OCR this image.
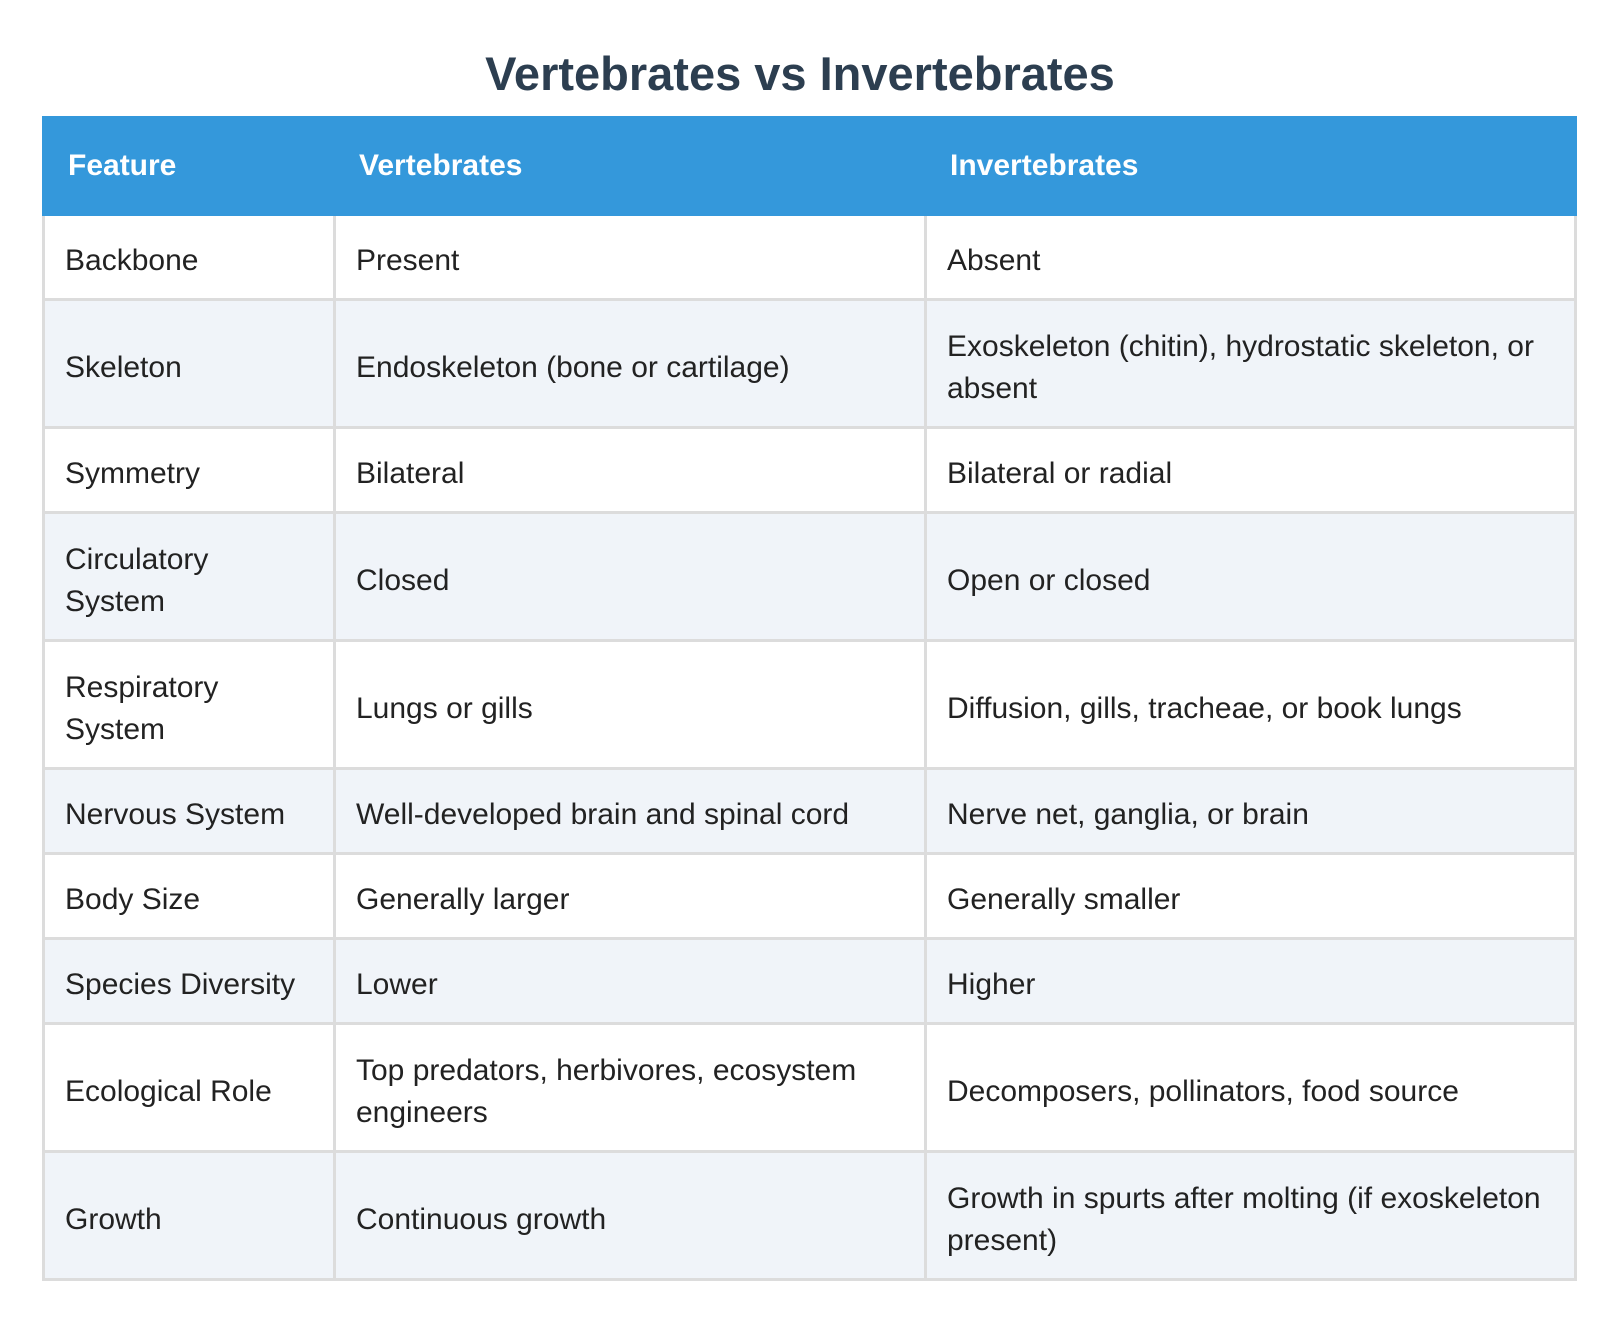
Vertebrates vs Invertebrates
Feature	Vertebrates	Invertebrates
Backbone	Present	Absent
Skeleton	Endoskeleton (bone or cartilage)	Exoskeleton (chitin), hydrostatic skeleton, or absent
Symmetry	Bilateral	Bilateral or radial
Circulatory System	Closed	Open or closed
Respiratory System	Lungs or gills	Diffusion, gills, tracheae, or book lungs
Nervous System	Well-developed brain and spinal cord	Nerve net, ganglia, or brain
Body Size	Generally larger	Generally smaller
Species Diversity	Lower	Higher
Ecological Role	Top predators, herbivores, ecosystem engineers	Decomposers, pollinators, food source
Growth	Continuous growth	Growth in spurts after molting (if exoskeleton present)
